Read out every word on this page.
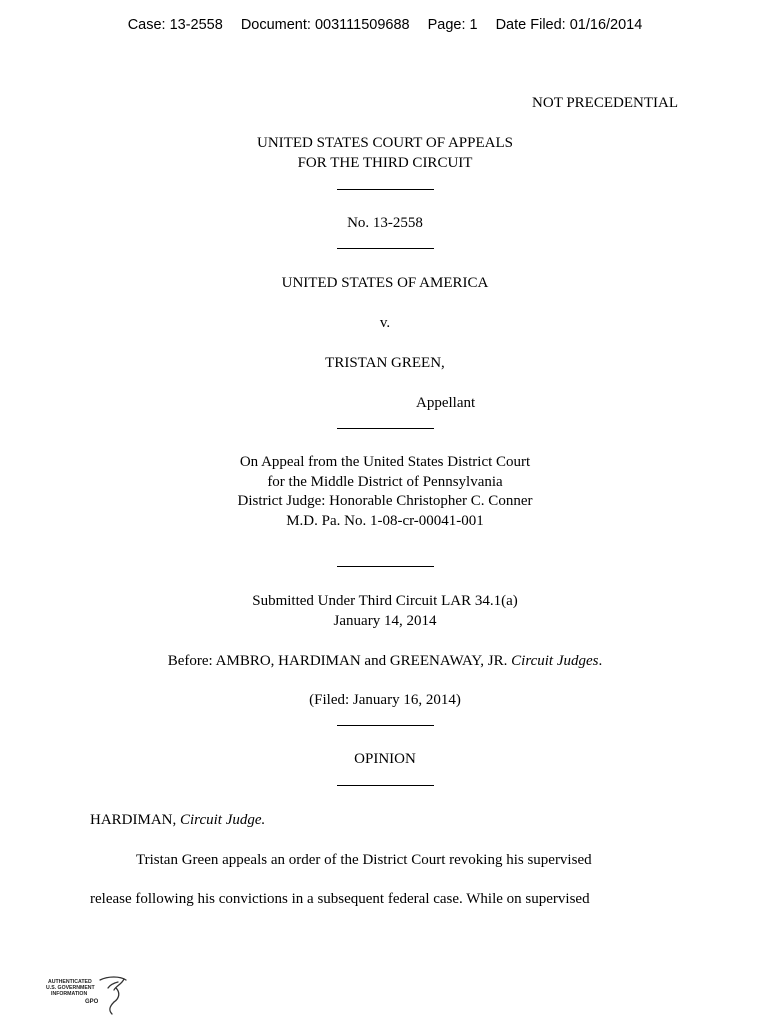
Case: 13-2558 Document: 003111509688 Page: 1 Date Filed: 01/16/2014
NOT PRECEDENTIAL
UNITED STATES COURT OF APPEALS
FOR THE THIRD CIRCUIT
No. 13-2558
UNITED STATES OF AMERICA
v.
TRISTAN GREEN,
Appellant
On Appeal from the United States District Court
for the Middle District of Pennsylvania
District Judge: Honorable Christopher C. Conner
M.D. Pa. No. 1-08-cr-00041-001
Submitted Under Third Circuit LAR 34.1(a)
January 14, 2014
Before: AMBRO, HARDIMAN and GREENAWAY, JR. Circuit Judges.
(Filed: January 16, 2014)
OPINION
HARDIMAN, Circuit Judge.
Tristan Green appeals an order of the District Court revoking his supervised
release following his convictions in a subsequent federal case. While on supervised
AUTHENTICATED
U.S. GOVERNMENT
INFORMATION
GPO
